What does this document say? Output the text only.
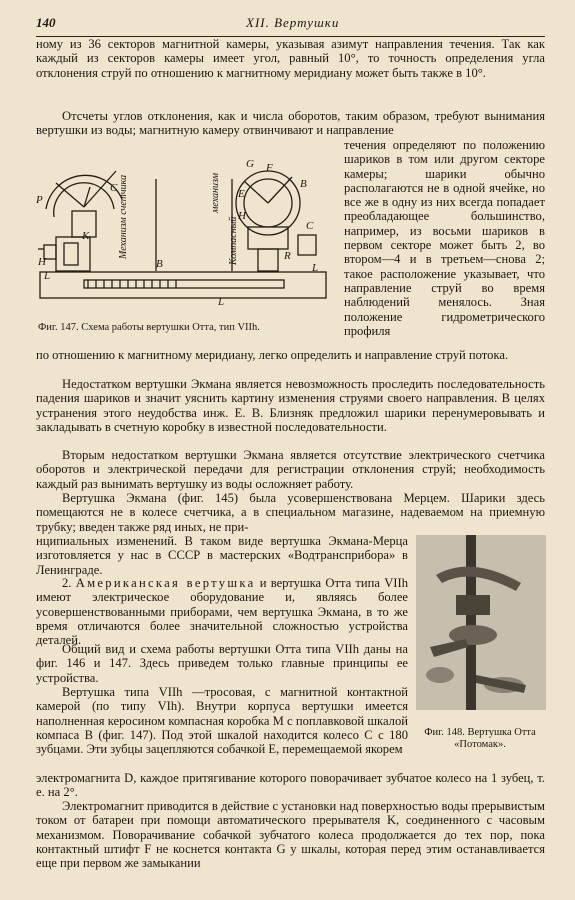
140	XII. Вертушки

ному из 36 секторов магнитной камеры, указывая азимут направления течения. Так как каждый из секторов камеры имеет угол, равный 10°, то точность определения угла отклонения струй по отношению к магнитному меридиану может быть также в 10°.

Отсчеты углов отклонения, как и числа оборотов, таким образом, требуют вынимания вертушки из воды; магнитную камеру отвинчивают и направление

течения определяют по положению шариков в том или другом секторе камеры; шарики обычно располагаются не в одной ячейке, но все же в одну из них всегда попадает преобладающее большинство, например, из восьми шариков в первом секторе может быть 2, во втором—4 и в третьем—снова 2; такое расположение указывает, что направление струй во время наблюдений менялось. Зная положение гидрометрического профиля

P
C
H
K
L
G F
B
E
C
H
R
L
B
L
Механизм счетчика	механизм
Компасный
Фиг. 147. Схема работы вертушки Отта, тип VIIh.

по отношению к магнитному меридиану, легко определить и направление струй потока.

Недостатком вертушки Экмана является невозможность проследить последовательность падения шариков и значит уяснить картину изменения струями своего направления. В целях устранения этого неудобства инж. Е. В. Близняк предложил шарики перенумеровывать и закладывать в счетную коробку в известной последовательности.

Вторым недостатком вертушки Экмана является отсутствие электрического счетчика оборотов и электрической передачи для регистрации отклонения струй; необходимость каждый раз вынимать вертушку из воды осложняет работу.

Вертушка Экмана (фиг. 145) была усовершенствована Мерцем. Шарики здесь помещаются не в колесе счетчика, а в специальном магазине, надеваемом на приемную трубку; введен также ряд иных, не при-

нципиальных изменений. В таком виде вертушка Экмана-Мерца изготовляется у нас в СССР в мастерских «Водтрансприбора» в Ленинграде.

2. Американская вертушка и вертушка Отта типа VIIh имеют электрическое оборудование и, являясь более усовершенствованными приборами, чем вертушка Экмана, в то же время отличаются более значительной сложностью устройства деталей.

Общий вид и схема работы вертушки Отта типа VIIh даны на фиг. 146 и 147. Здесь приведем только главные принципы ее устройства.

Вертушка типа VIIh —тросовая, с магнитной контактной камерой (по типу VIh). Внутри корпуса вертушки имеется наполненная керосином компасная коробка M с поплавковой шкалой компаса B (фиг. 147). Под этой шкалой находится колесо C с 180 зубцами. Эти зубцы зацепляются собачкой E, перемещаемой якорем

электромагнита D, каждое притягивание которого поворачивает зубчатое колесо на 1 зубец, т. е. на 2°.

Электромагнит приводится в действие с установки над поверхностью воды прерывистым током от батареи при помощи автоматического прерывателя K, соединенного с часовым механизмом. Поворачивание собачкой зубчатого колеса продолжается до тех пор, пока контактный штифт F не коснется контакта G у шкалы, которая перед этим останавливается еще при первом же замыкании

Фиг. 148. Вертушка Отта
«Потомак».
